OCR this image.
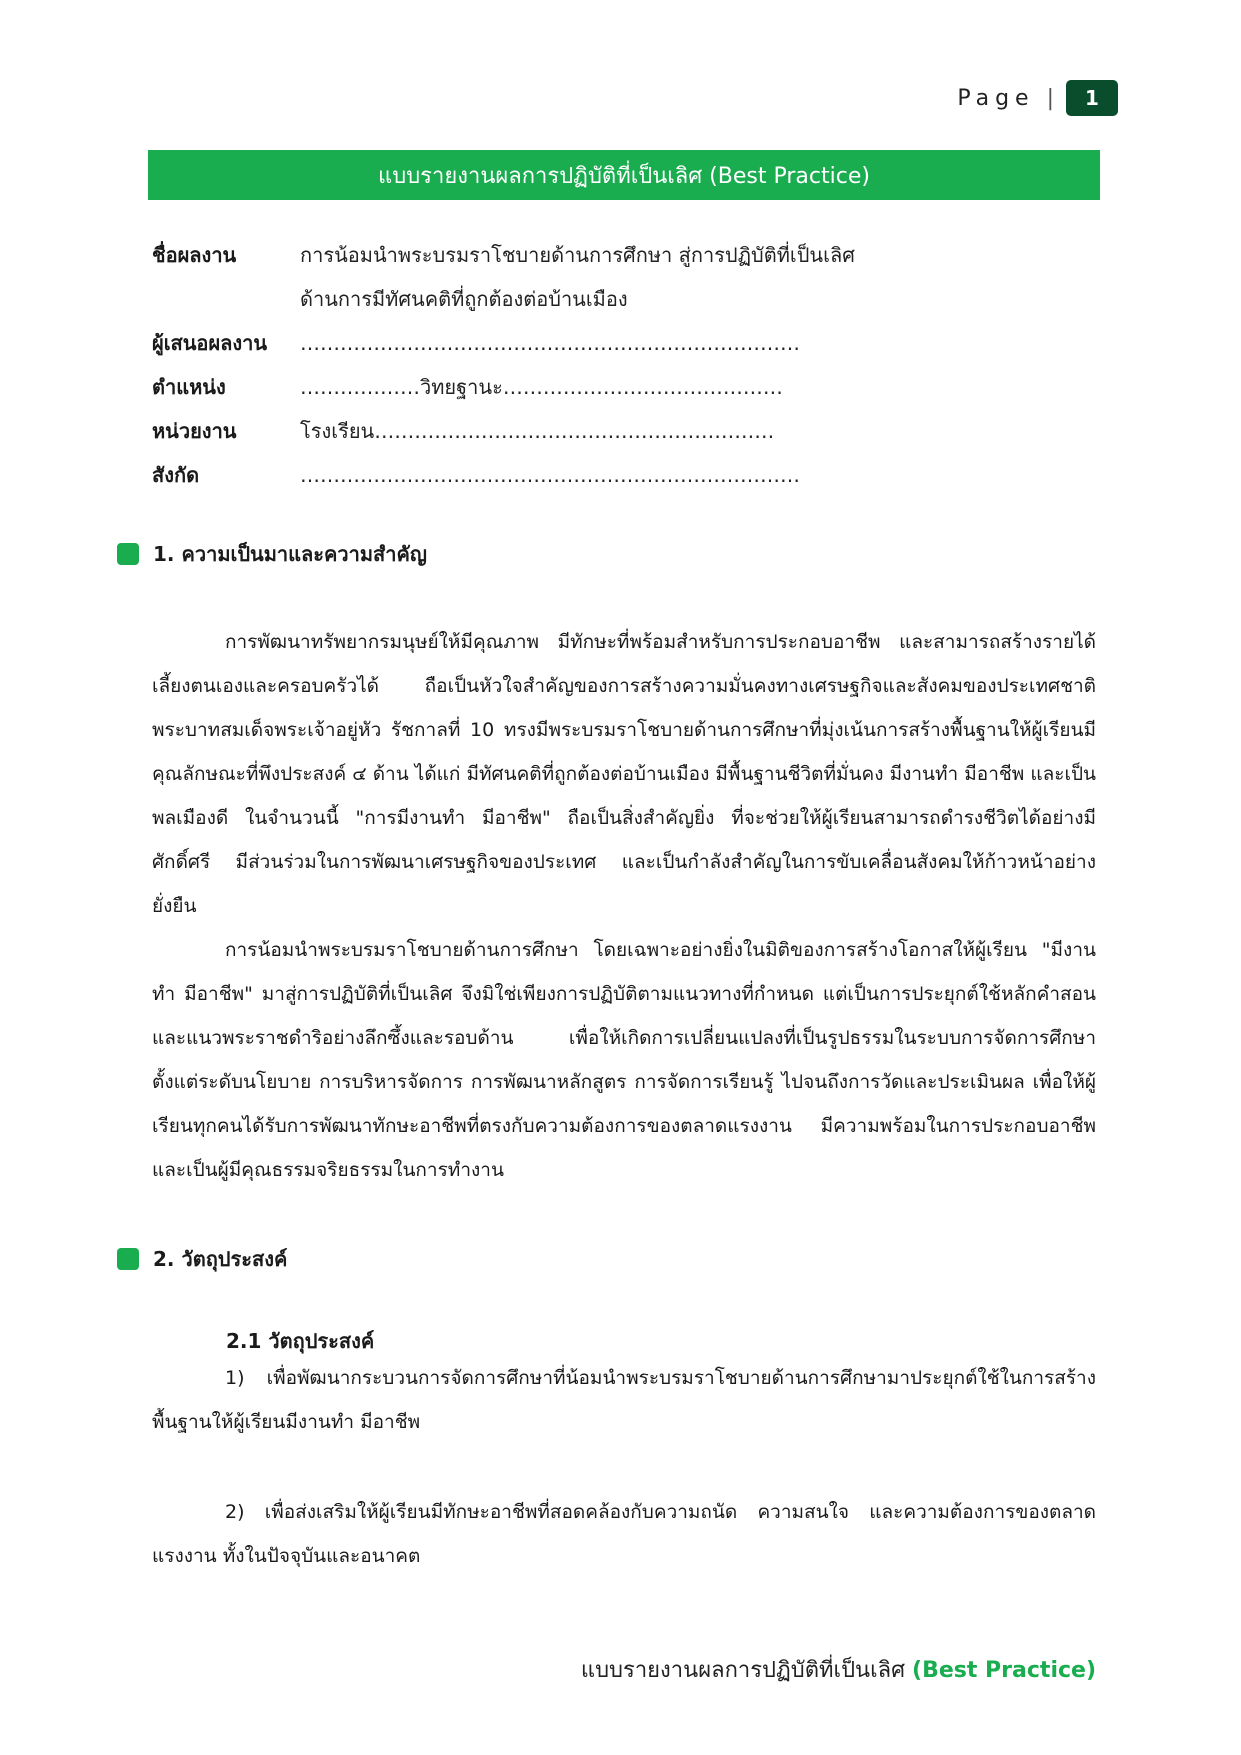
Page |	1
แบบรายงานผลการปฏิบัติที่เป็นเลิศ (Best Practice)
ชื่อผลงาน	การน้อมนำพระบรมราโชบายด้านการศึกษา สู่การปฏิบัติที่เป็นเลิศ
ด้านการมีทัศนคติที่ถูกต้องต่อบ้านเมือง
ผู้เสนอผลงาน	…………………………………………………………………
ตำแหน่ง	………………วิทยฐานะ……………………………………
หน่วยงาน	โรงเรียน……………………………………………………
สังกัด	…………………………………………………………………
1. ความเป็นมาและความสำคัญ

การพัฒนาทรัพยากรมนุษย์ให้มีคุณภาพ มีทักษะที่พร้อมสำหรับการประกอบอาชีพ และสามารถสร้างรายได้เลี้ยงตนเองและครอบครัวได้ ถือเป็นหัวใจสำคัญของการสร้างความมั่นคงทางเศรษฐกิจและสังคมของประเทศชาติ พระบาทสมเด็จพระเจ้าอยู่หัว รัชกาลที่ 10 ทรงมีพระบรมราโชบายด้านการศึกษาที่มุ่งเน้นการสร้างพื้นฐานให้ผู้เรียนมีคุณลักษณะที่พึงประสงค์ ๔ ด้าน ได้แก่ มีทัศนคติที่ถูกต้องต่อบ้านเมือง มีพื้นฐานชีวิตที่มั่นคง มีงานทำ มีอาชีพ และเป็นพลเมืองดี ในจำนวนนี้ "การมีงานทำ มีอาชีพ" ถือเป็นสิ่งสำคัญยิ่ง ที่จะช่วยให้ผู้เรียนสามารถดำรงชีวิตได้อย่างมีศักดิ์ศรี มีส่วนร่วมในการพัฒนาเศรษฐกิจของประเทศ และเป็นกำลังสำคัญในการขับเคลื่อนสังคมให้ก้าวหน้าอย่างยั่งยืน

การน้อมนำพระบรมราโชบายด้านการศึกษา โดยเฉพาะอย่างยิ่งในมิติของการสร้างโอกาสให้ผู้เรียน "มีงานทำ มีอาชีพ" มาสู่การปฏิบัติที่เป็นเลิศ จึงมิใช่เพียงการปฏิบัติตามแนวทางที่กำหนด แต่เป็นการประยุกต์ใช้หลักคำสอนและแนวพระราชดำริอย่างลึกซึ้งและรอบด้าน เพื่อให้เกิดการเปลี่ยนแปลงที่เป็นรูปธรรมในระบบการจัดการศึกษา ตั้งแต่ระดับนโยบาย การบริหารจัดการ การพัฒนาหลักสูตร การจัดการเรียนรู้ ไปจนถึงการวัดและประเมินผล เพื่อให้ผู้เรียนทุกคนได้รับการพัฒนาทักษะอาชีพที่ตรงกับความต้องการของตลาดแรงงาน มีความพร้อมในการประกอบอาชีพ และเป็นผู้มีคุณธรรมจริยธรรมในการทำงาน

2. วัตถุประสงค์
2.1 วัตถุประสงค์

1) เพื่อพัฒนากระบวนการจัดการศึกษาที่น้อมนำพระบรมราโชบายด้านการศึกษามาประยุกต์ใช้ในการสร้างพื้นฐานให้ผู้เรียนมีงานทำ มีอาชีพ

2) เพื่อส่งเสริมให้ผู้เรียนมีทักษะอาชีพที่สอดคล้องกับความถนัด ความสนใจ และความต้องการของตลาดแรงงาน ทั้งในปัจจุบันและอนาคต

แบบรายงานผลการปฏิบัติที่เป็นเลิศ (Best Practice)
